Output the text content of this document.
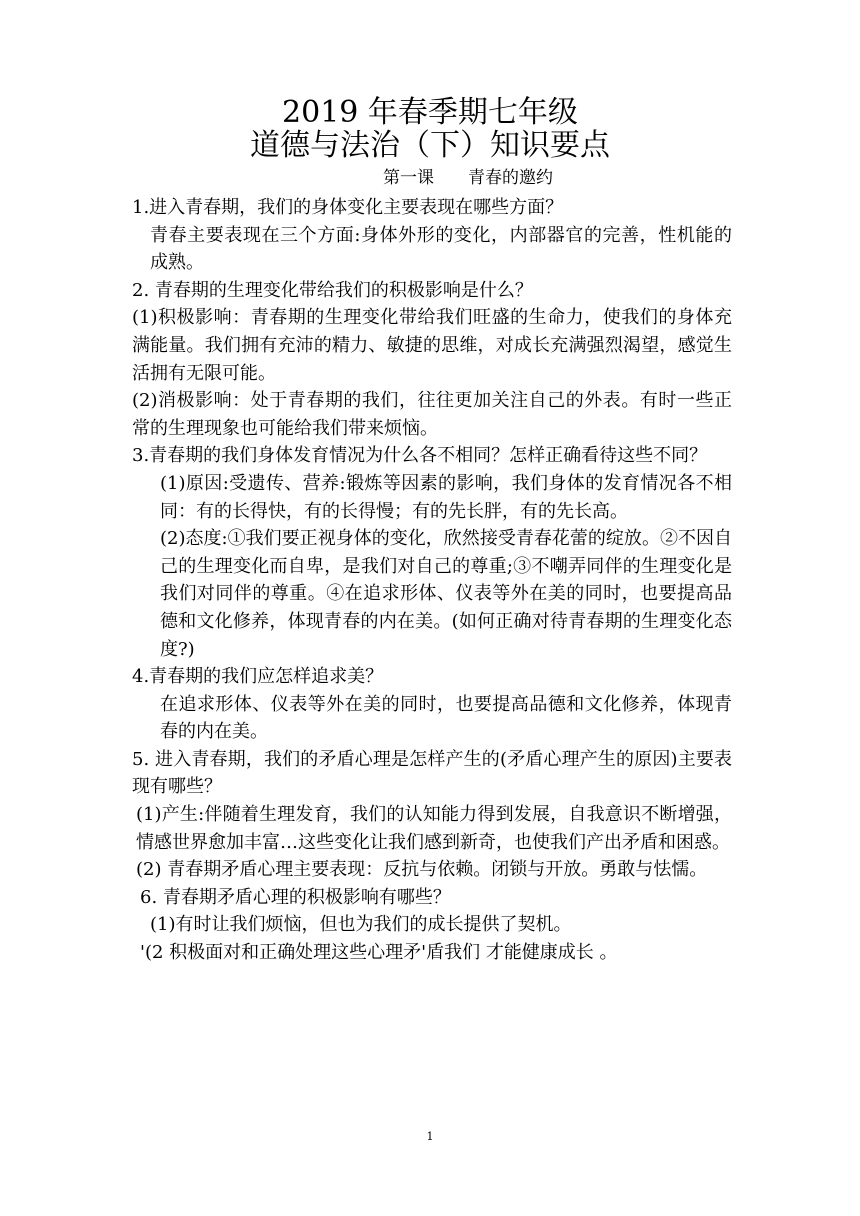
2019 年春季期七年级
道德与法治（下）知识要点
第一课　　青春的邀约

1.进入青春期，我们的身体变化主要表现在哪些方面？

青春主要表现在三个方面:身体外形的变化，内部器官的完善，性机能的成熟。

2. 青春期的生理变化带给我们的积极影响是什么？

(1)积极影响：青春期的生理变化带给我们旺盛的生命力，使我们的身体充满能量。我们拥有充沛的精力、敏捷的思维，对成长充满强烈渴望，感觉生活拥有无限可能。

(2)消极影响：处于青春期的我们，往往更加关注自己的外表。有时一些正常的生理现象也可能给我们带来烦恼。

3.青春期的我们身体发育情况为什么各不相同？怎样正确看待这些不同？

(1)原因:受遗传、营养:锻炼等因素的影响，我们身体的发育情况各不相同：有的长得快，有的长得慢；有的先长胖，有的先长高。

(2)态度:①我们要正视身体的变化，欣然接受青春花蕾的绽放。②不因自己的生理变化而自卑，是我们对自己的尊重;③不嘲弄同伴的生理变化是我们对同伴的尊重。④在追求形体、仪表等外在美的同时，也要提高品德和文化修养，体现青春的内在美。(如何正确对待青春期的生理变化态度?)

4.青春期的我们应怎样追求美？

在追求形体、仪表等外在美的同时，也要提高品德和文化修养，体现青春的内在美。

5. 进入青春期，我们的矛盾心理是怎样产生的(矛盾心理产生的原因)主要表现有哪些？

(1)产生:伴随着生理发育，我们的认知能力得到发展，自我意识不断增强，情感世界愈加丰富…这些变化让我们感到新奇，也使我们产出矛盾和困惑。

(2) 青春期矛盾心理主要表现：反抗与依赖。闭锁与开放。勇敢与怯懦。

6. 青春期矛盾心理的积极影响有哪些？

(1)有时让我们烦恼，但也为我们的成长提供了契机。

'(2 积极面对和正确处理这些心理矛'盾我们 才能健康成长 。

1
